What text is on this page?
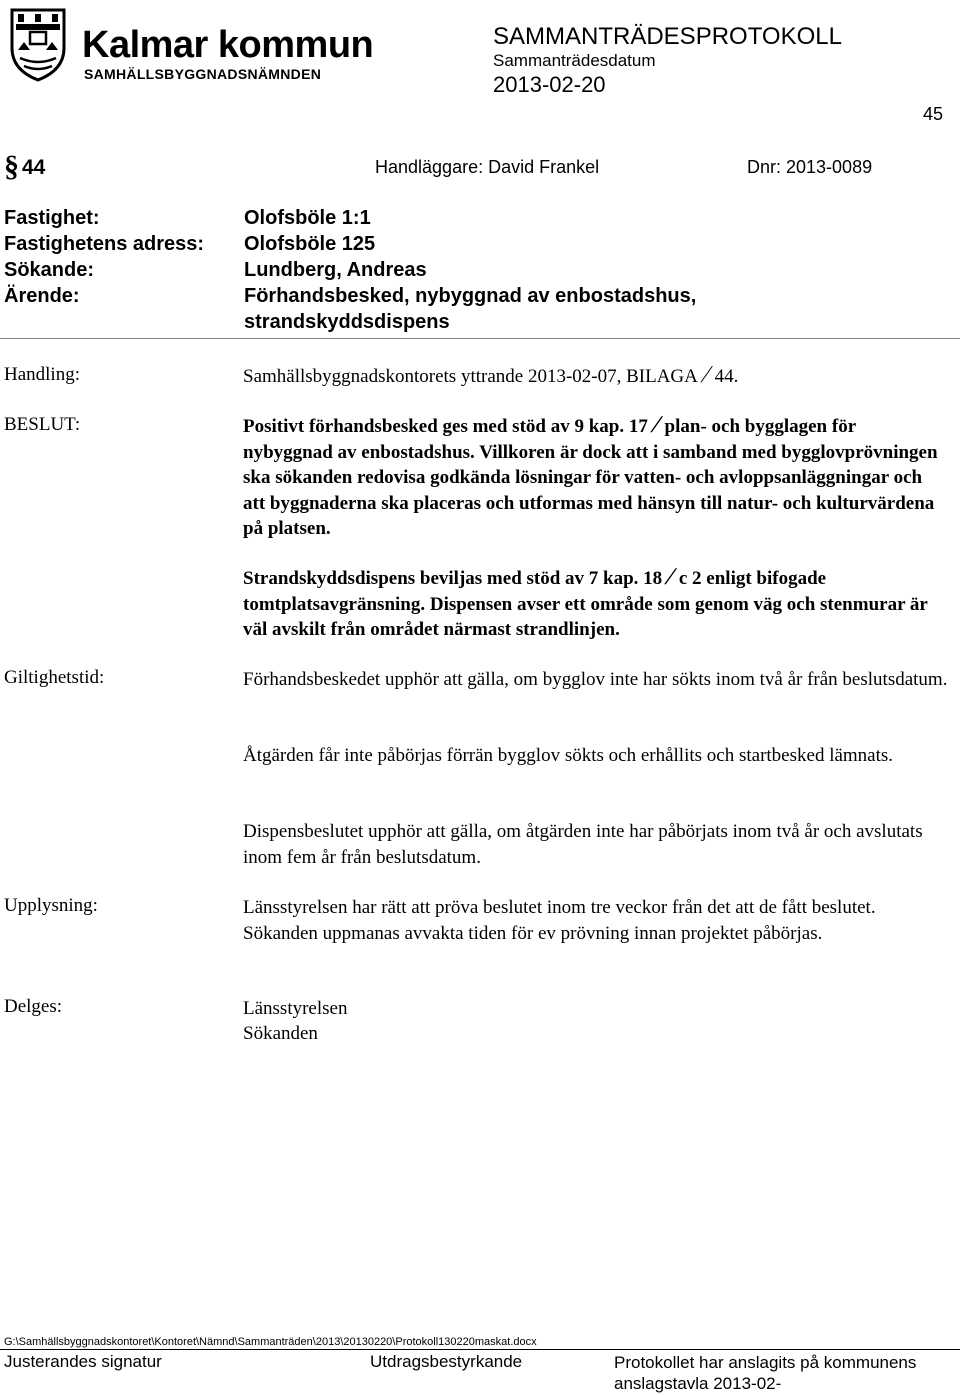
Kalmar kommun
SAMHÄLLSBYGGNADSNÄMNDEN
SAMMANTRÄDESPROTOKOLL
Sammanträdesdatum
2013-02-20
45
§ 44	Handläggare: David Frankel	Dnr: 2013-0089
Fastighet:	Olofsböle 1:1
Fastighetens adress: Olofsböle 125
Sökande:	Lundberg, Andreas
Ärende:	Förhandsbesked, nybyggnad av enbostadshus,
strandskyddsdispens
Handling:	Samhällsbyggnadskontorets yttrande 2013-02-07, BILAGA/44.
BESLUT:	Positivt förhandsbesked ges med stöd av 9 kap. 17/plan- och bygglagen för nybyggnad av enbostadshus. Villkoren är dock att i samband med bygglovprövningen ska sökanden redovisa godkända lösningar för vatten- och avloppsanläggningar och att byggnaderna ska placeras och utformas med hänsyn till natur- och kulturvärdena på platsen.
Strandskyddsdispens beviljas med stöd av 7 kap. 18/c 2 enligt bifogade tomtplatsavgränsning. Dispensen avser ett område som genom väg och stenmurar är väl avskilt från området närmast strandlinjen.
Giltighetstid:	Förhandsbeskedet upphör att gälla, om bygglov inte har sökts inom två år från beslutsdatum.
Åtgärden får inte påbörjas förrän bygglov sökts och erhållits och startbesked lämnats.
Dispensbeslutet upphör att gälla, om åtgärden inte har påbörjats inom två år och avslutats inom fem år från beslutsdatum.
Upplysning:	Länsstyrelsen har rätt att pröva beslutet inom tre veckor från det att de fått beslutet. Sökanden uppmanas avvakta tiden för ev prövning innan projektet påbörjas.
Delges:	Länsstyrelsen
Sökanden
G:\Samhällsbyggnadskontoret\Kontoret\Nämnd\Sammanträden\2013\20130220\Protokoll130220maskat.docx
Justerandes signatur	Utdragsbestyrkande	Protokollet har anslagits på kommunens anslagstavla 2013-02-
